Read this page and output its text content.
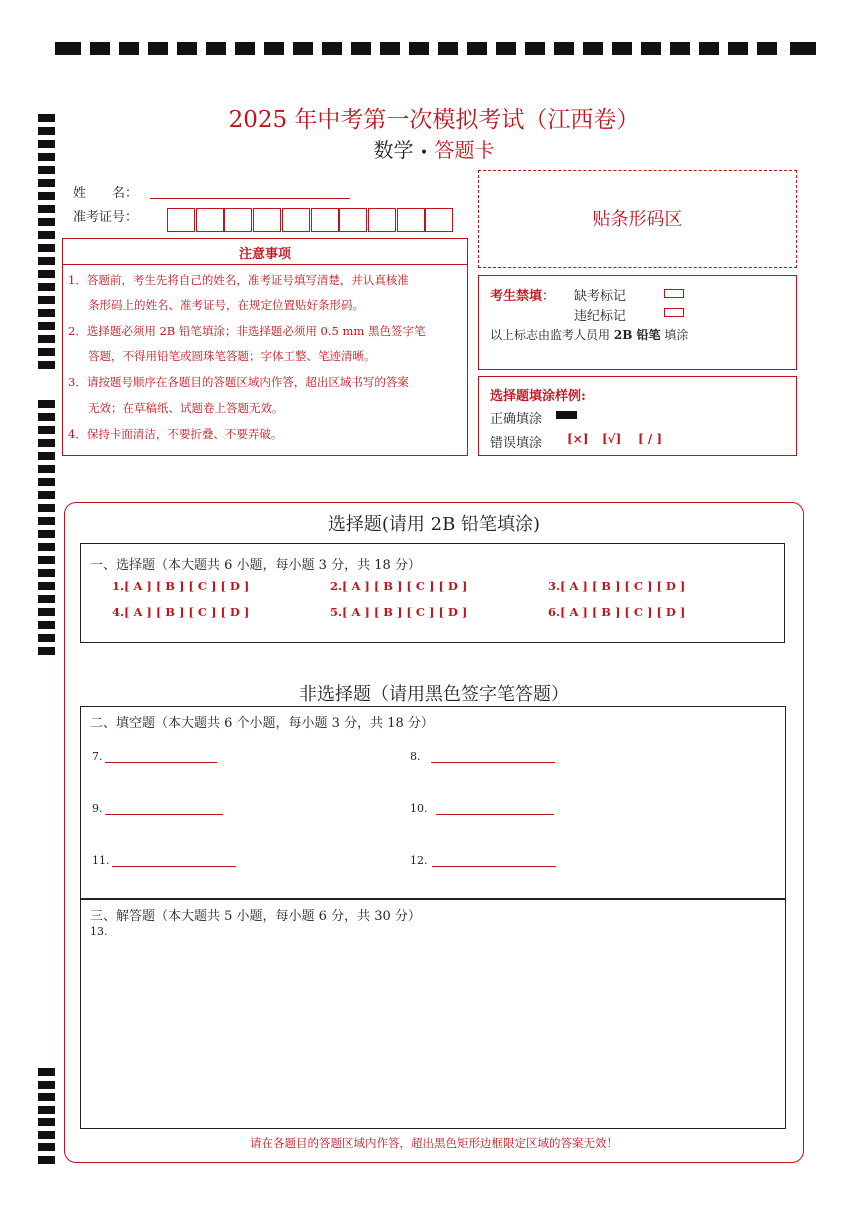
2025 年中考第一次模拟考试（江西卷）
数学 • 答题卡
姓　　名：
准考证号：	贴条形码区
注意事项
1．答题前，考生先将自己的姓名，准考证号填写清楚，并认真核准
条形码上的姓名、准考证号，在规定位置贴好条形码。
2．选择题必须用 2B 铅笔填涂；非选择题必须用 0.5 mm 黑色签字笔
答题，不得用铅笔或圆珠笔答题；字体工整、笔迹清晰。
3．请按题号顺序在各题目的答题区域内作答，超出区域书写的答案
无效；在草稿纸、试题卷上答题无效。
4．保持卡面清洁，不要折叠、不要弄破。
考生禁填： 缺考标记
违纪标记
以上标志由监考人员用 2B 铅笔 填涂
选择题填涂样例:
正确填涂
错误填涂 [×] [√] [ / ]
选择题(请用 2B 铅笔填涂)
一、选择题（本大题共 6 小题，每小题 3 分，共 18 分）
1.[ A ] [ B ] [ C ] [ D ]	2.[ A ] [ B ] [ C ] [ D ]	3.[ A ] [ B ] [ C ] [ D ]
4.[ A ] [ B ] [ C ] [ D ]	5.[ A ] [ B ] [ C ] [ D ]	6.[ A ] [ B ] [ C ] [ D ]
非选择题（请用黑色签字笔答题）
二、填空题（本大题共 6 个小题，每小题 3 分，共 18 分）
7.	8.
9.	10.
11.	12.
三、解答题（本大题共 5 小题，每小题 6 分，共 30 分）
13.
请在各题目的答题区域内作答，超出黑色矩形边框限定区域的答案无效！
